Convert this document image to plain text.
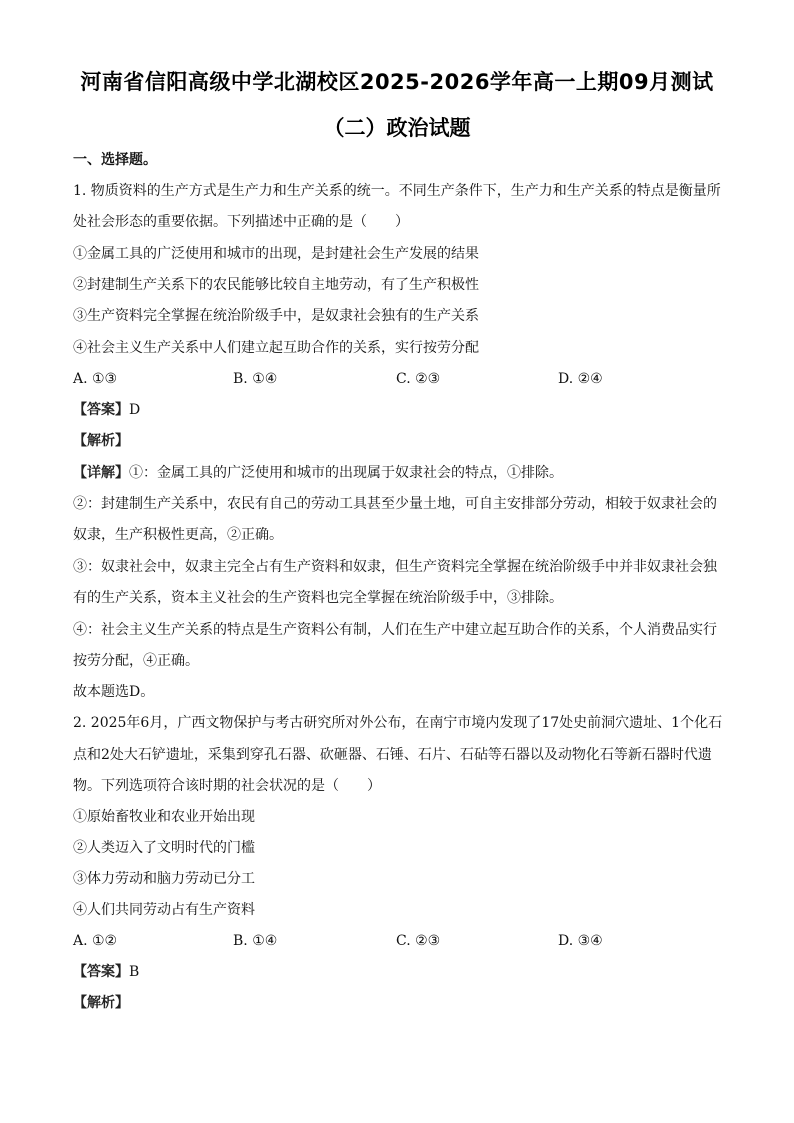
河南省信阳高级中学北湖校区2025-2026学年高一上期09月测试
（二）政治试题
一、选择题。
1. 物质资料的生产方式是生产力和生产关系的统一。不同生产条件下，生产力和生产关系的特点是衡量所
处社会形态的重要依据。下列描述中正确的是（　　）
①金属工具的广泛使用和城市的出现，是封建社会生产发展的结果
②封建制生产关系下的农民能够比较自主地劳动，有了生产积极性
③生产资料完全掌握在统治阶级手中，是奴隶社会独有的生产关系
④社会主义生产关系中人们建立起互助合作的关系，实行按劳分配
A. ①③	B. ①④	C. ②③	D. ②④
【答案】D
【解析】
【详解】①：金属工具的广泛使用和城市的出现属于奴隶社会的特点，①排除。
②：封建制生产关系中，农民有自己的劳动工具甚至少量土地，可自主安排部分劳动，相较于奴隶社会的
奴隶，生产积极性更高，②正确。
③：奴隶社会中，奴隶主完全占有生产资料和奴隶，但生产资料完全掌握在统治阶级手中并非奴隶社会独
有的生产关系，资本主义社会的生产资料也完全掌握在统治阶级手中，③排除。
④：社会主义生产关系的特点是生产资料公有制，人们在生产中建立起互助合作的关系，个人消费品实行
按劳分配，④正确。
故本题选D。
2. 2025年6月，广西文物保护与考古研究所对外公布，在南宁市境内发现了17处史前洞穴遗址、1个化石
点和2处大石铲遗址，采集到穿孔石器、砍砸器、石锤、石片、石砧等石器以及动物化石等新石器时代遗
物。下列选项符合该时期的社会状况的是（　　）
①原始畜牧业和农业开始出现
②人类迈入了文明时代的门槛
③体力劳动和脑力劳动已分工
④人们共同劳动占有生产资料
A. ①②	B. ①④	C. ②③	D. ③④
【答案】B
【解析】
